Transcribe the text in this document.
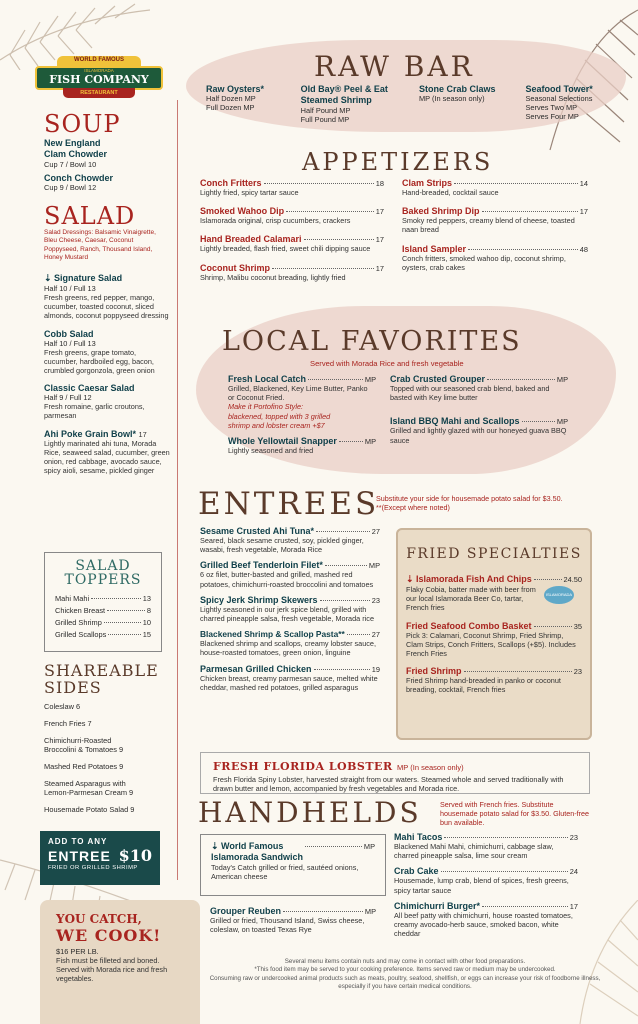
WORLD FAMOUS
ISLAMORADA
FISH COMPANY
RESTAURANT
SOUP
New England
Clam Chowder
Cup 7 / Bowl 10
Conch Chowder
Cup 9 / Bowl 12
SALAD
Salad Dressings: Balsamic Vinaigrette, Bleu Cheese, Caesar, Coconut Poppyseed, Ranch, Thousand Island, Honey Mustard
⇣ Signature Salad
Half 10 / Full 13
Fresh greens, red pepper, mango, cucumber, toasted coconut, sliced almonds, coconut poppyseed dressing
Cobb Salad
Half 10 / Full 13
Fresh greens, grape tomato, cucumber, hardboiled egg, bacon, crumbled gorgonzola, green onion
Classic Caesar Salad
Half 9 / Full 12
Fresh romaine, garlic croutons, parmesan
Ahi Poke Grain Bowl* 17
Lightly marinated ahi tuna, Morada Rice, seaweed salad, cucumber, green onion, red cabbage, avocado sauce, spicy aioli, sesame, pickled ginger
SALAD
TOPPERS
Mahi Mahi	13
Chicken Breast	8
Grilled Shrimp	10
Grilled Scallops	15
SHAREABLE
SIDES
Coleslaw 6
French Fries 7
Chimichurri-Roasted
Broccolini & Tomatoes 9
Mashed Red Potatoes 9
Steamed Asparagus with
Lemon-Parmesan Cream 9
Housemade Potato Salad 9
ADD TO ANY
ENTREE $10
FRIED OR GRILLED SHRIMP
YOU CATCH,
WE COOK!
$16 PER LB.
Fish must be filleted and boned. Served with Morada rice and fresh vegetables.
RAW BAR
Raw Oysters*
Half Dozen MP
Full Dozen MP
Old Bay® Peel & Eat
Steamed Shrimp
Half Pound MP
Full Pound MP
Stone Crab Claws
MP (In season only)
Seafood Tower*
Seasonal Selections
Serves Two MP
Serves Four MP
APPETIZERS
Conch Fritters	18
Lightly fried, spicy tartar sauce
Smoked Wahoo Dip	17
Islamorada original, crisp cucumbers, crackers
Hand Breaded Calamari	17
Lightly breaded, flash fried, sweet chili dipping sauce
Coconut Shrimp	17
Shrimp, Malibu coconut breading, lightly fried
Clam Strips	14
Hand-breaded, cocktail sauce
Baked Shrimp Dip	17
Smoky red peppers, creamy blend of cheese, toasted naan bread
Island Sampler	48
Conch fritters, smoked wahoo dip, coconut shrimp, oysters, crab cakes
LOCAL FAVORITES
Served with Morada Rice and fresh vegetable
Fresh Local Catch	MP
Grilled, Blackened, Key Lime Butter, Panko or Coconut Fried.
Make it Portofino Style:
blackened, topped with 3 grilled
shrimp and lobster cream +$7
Whole Yellowtail Snapper	MP
Lightly seasoned and fried
Crab Crusted Grouper	MP
Topped with our seasoned crab blend, baked and basted with Key lime butter
Island BBQ Mahi and Scallops	MP
Grilled and lightly glazed with our honeyed guava BBQ sauce
ENTREES
Substitute your side for housemade potato salad for $3.50.
**(Except where noted)
Sesame Crusted Ahi Tuna*	27
Seared, black sesame crusted, soy, pickled ginger, wasabi, fresh vegetable, Morada Rice
Grilled Beef Tenderloin Filet*	MP
6 oz filet, butter-basted and grilled, mashed red potatoes, chimichurri-roasted broccolini and tomatoes
Spicy Jerk Shrimp Skewers	23
Lightly seasoned in our jerk spice blend, grilled with charred pineapple salsa, fresh vegetable, Morada rice
Blackened Shrimp & Scallop Pasta**	27
Blackened shrimp and scallops, creamy lobster sauce, house-roasted tomatoes, green onion, linguine
Parmesan Grilled Chicken	19
Chicken breast, creamy parmesan sauce, melted white cheddar, mashed red potatoes, grilled asparagus
FRIED SPECIALTIES
⇣ Islamorada Fish And Chips	24.50
Flaky Cobia, batter made with beer from our local Islamorada Beer Co, tartar, French fries
ISLAMORADA
Fried Seafood Combo Basket	35
Pick 3: Calamari, Coconut Shrimp, Fried Shrimp, Clam Strips, Conch Fritters, Scallops (+$5). Includes French Fries
Fried Shrimp	23
Fried Shrimp hand-breaded in panko or coconut breading, cocktail, French fries
FRESH FLORIDA LOBSTER MP (In season only)
Fresh Florida Spiny Lobster, harvested straight from our waters. Steamed whole and served traditionally with drawn butter and lemon, accompanied by fresh vegetables and Morada rice.
HANDHELDS	Served with French fries. Substitute housemade potato salad for $3.50. Gluten-free bun available.
⇣ World Famous
Islamorada Sandwich
MP
Today's Catch grilled or fried, sautéed onions, American cheese
Grouper Reuben	MP
Grilled or fried, Thousand Island, Swiss cheese, coleslaw, on toasted Texas Rye
Mahi Tacos	23
Blackened Mahi Mahi, chimichurri, cabbage slaw, charred pineapple salsa, lime sour cream
Crab Cake	24
Housemade, lump crab, blend of spices, fresh greens, spicy tartar sauce
Chimichurri Burger*	17
All beef patty with chimichurri, house roasted tomatoes, creamy avocado-herb sauce, smoked bacon, white cheddar
Several menu items contain nuts and may come in contact with other food preparations.
*This food item may be served to your cooking preference. Items served raw or medium may be undercooked.
Consuming raw or undercooked animal products such as meats, poultry, seafood, shellfish, or eggs can increase your risk of foodborne illness, especially if you have certain medical conditions.
